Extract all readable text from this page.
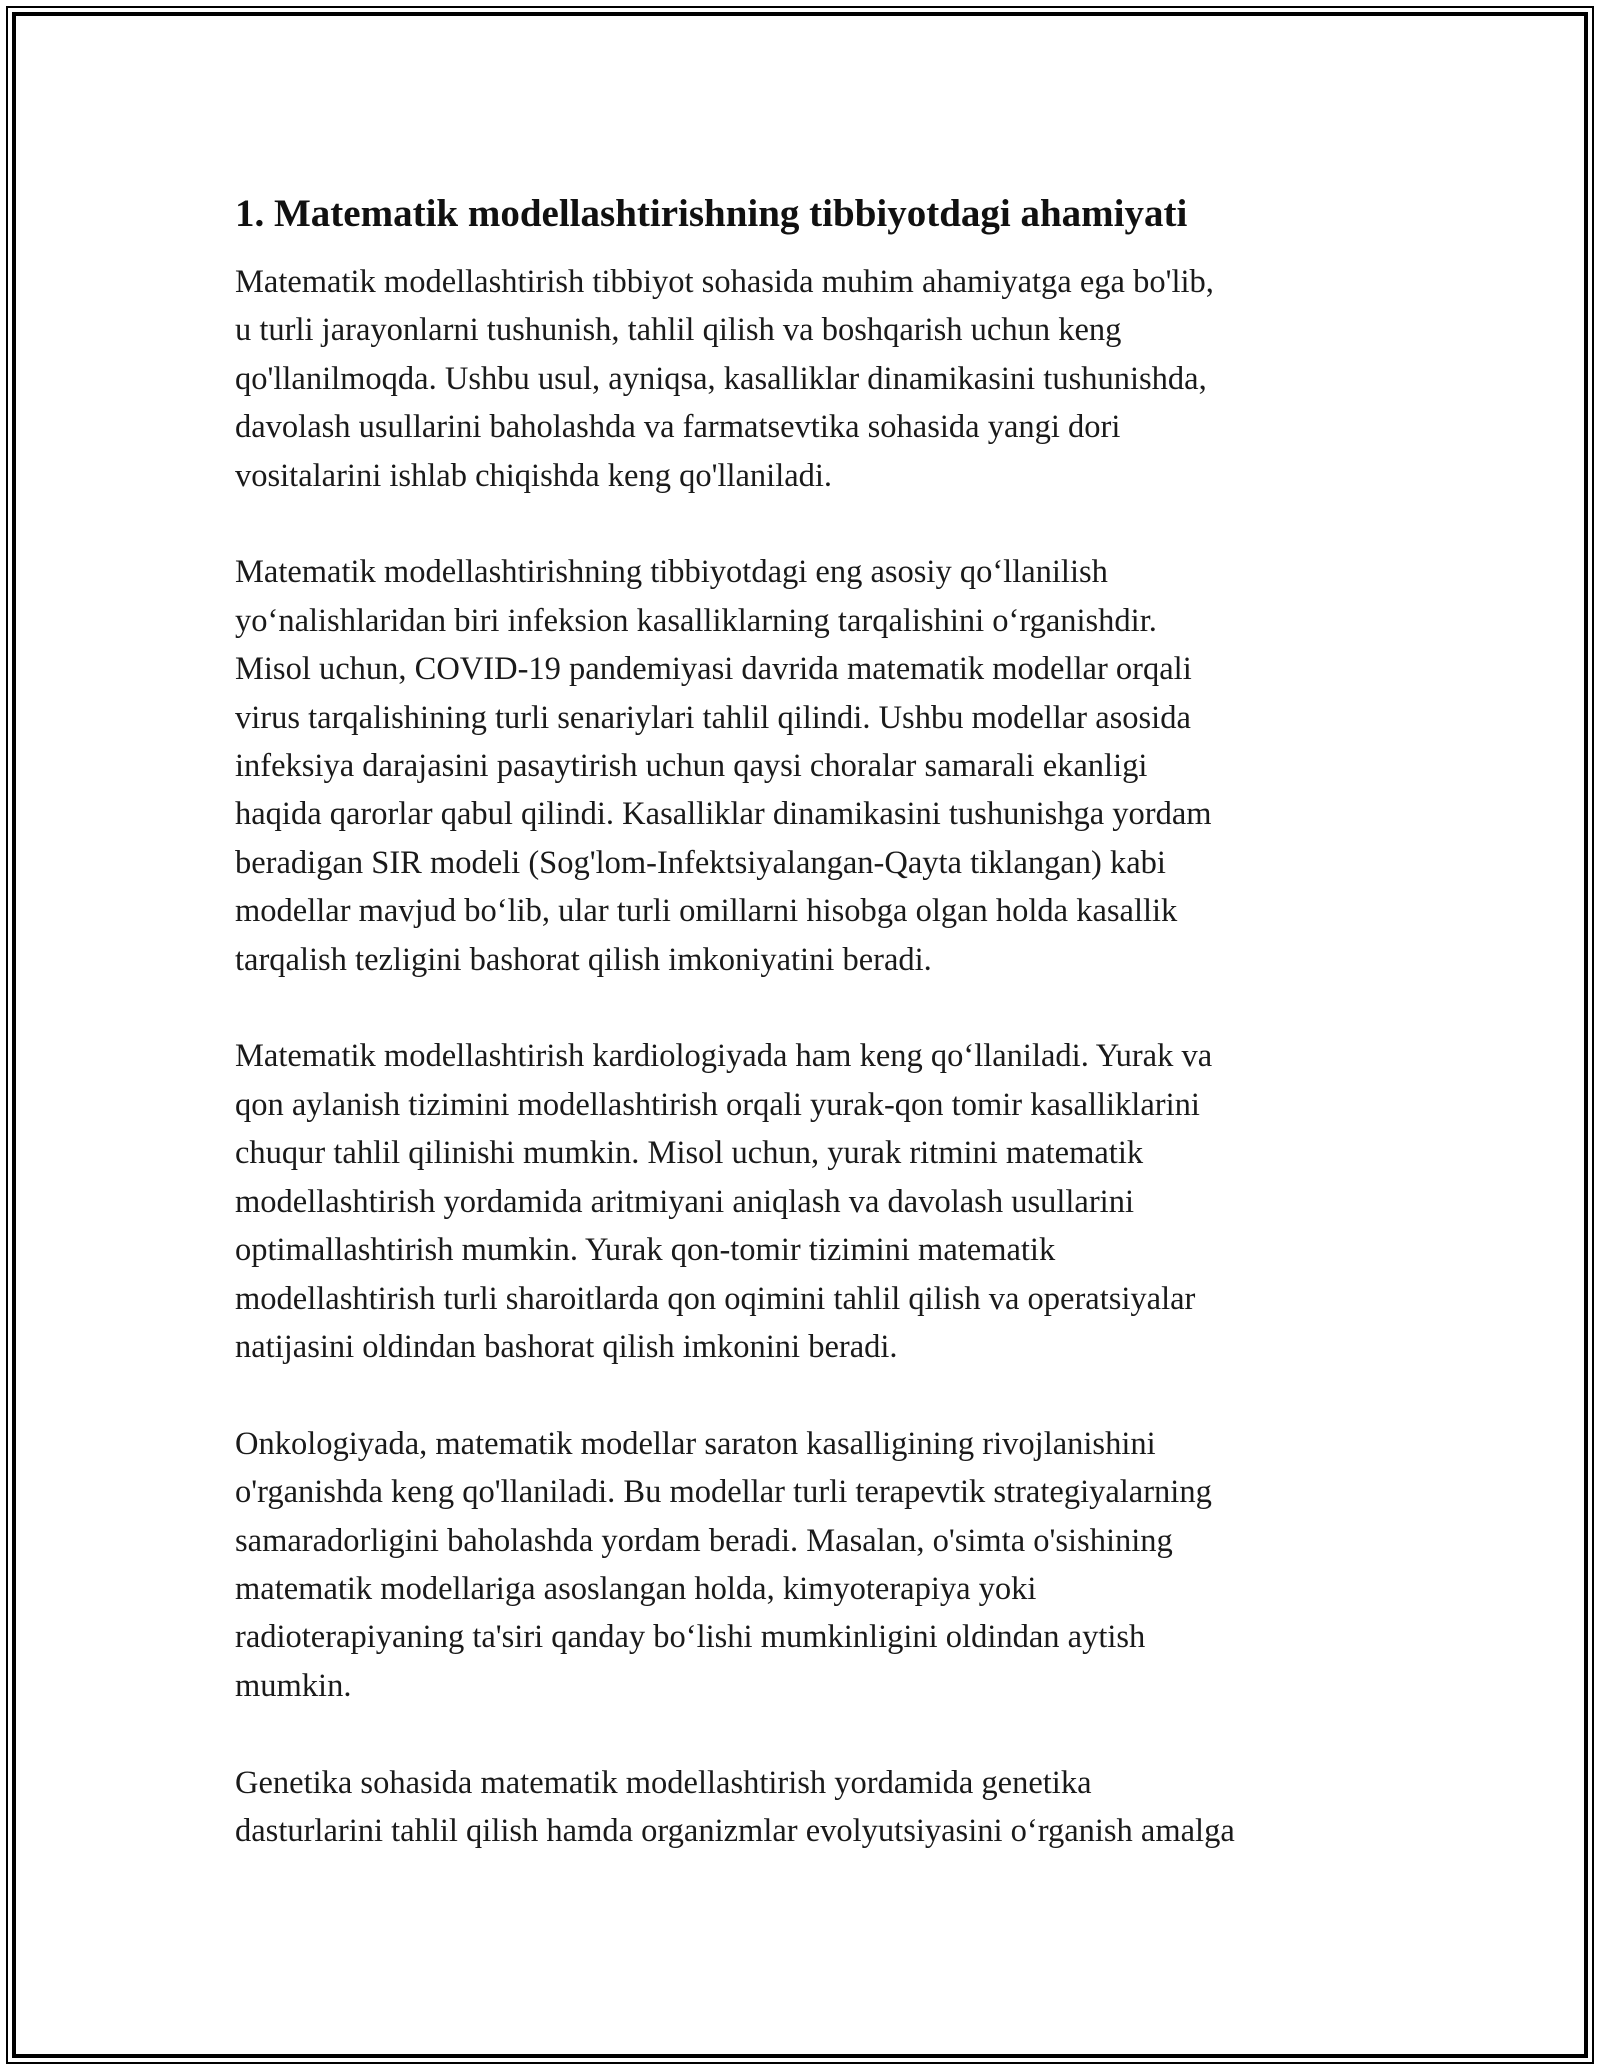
1. Matematik modellashtirishning tibbiyotdagi ahamiyati

Matematik modellashtirish tibbiyot sohasida muhim ahamiyatga ega bo'lib,
u turli jarayonlarni tushunish, tahlil qilish va boshqarish uchun keng
qo'llanilmoqda. Ushbu usul, ayniqsa, kasalliklar dinamikasini tushunishda,
davolash usullarini baholashda va farmatsevtika sohasida yangi dori
vositalarini ishlab chiqishda keng qo'llaniladi.

Matematik modellashtirishning tibbiyotdagi eng asosiy qo‘llanilish
yo‘nalishlaridan biri infeksion kasalliklarning tarqalishini o‘rganishdir.
Misol uchun, COVID-19 pandemiyasi davrida matematik modellar orqali
virus tarqalishining turli senariylari tahlil qilindi. Ushbu modellar asosida
infeksiya darajasini pasaytirish uchun qaysi choralar samarali ekanligi
haqida qarorlar qabul qilindi. Kasalliklar dinamikasini tushunishga yordam
beradigan SIR modeli (Sog'lom-Infektsiyalangan-Qayta tiklangan) kabi
modellar mavjud bo‘lib, ular turli omillarni hisobga olgan holda kasallik
tarqalish tezligini bashorat qilish imkoniyatini beradi.

Matematik modellashtirish kardiologiyada ham keng qo‘llaniladi. Yurak va
qon aylanish tizimini modellashtirish orqali yurak-qon tomir kasalliklarini
chuqur tahlil qilinishi mumkin. Misol uchun, yurak ritmini matematik
modellashtirish yordamida aritmiyani aniqlash va davolash usullarini
optimallashtirish mumkin. Yurak qon-tomir tizimini matematik
modellashtirish turli sharoitlarda qon oqimini tahlil qilish va operatsiyalar
natijasini oldindan bashorat qilish imkonini beradi.

Onkologiyada, matematik modellar saraton kasalligining rivojlanishini
o'rganishda keng qo'llaniladi. Bu modellar turli terapevtik strategiyalarning
samaradorligini baholashda yordam beradi. Masalan, o'simta o'sishining
matematik modellariga asoslangan holda, kimyoterapiya yoki
radioterapiyaning ta'siri qanday bo‘lishi mumkinligini oldindan aytish
mumkin.

Genetika sohasida matematik modellashtirish yordamida genetika
dasturlarini tahlil qilish hamda organizmlar evolyutsiyasini o‘rganish amalga
